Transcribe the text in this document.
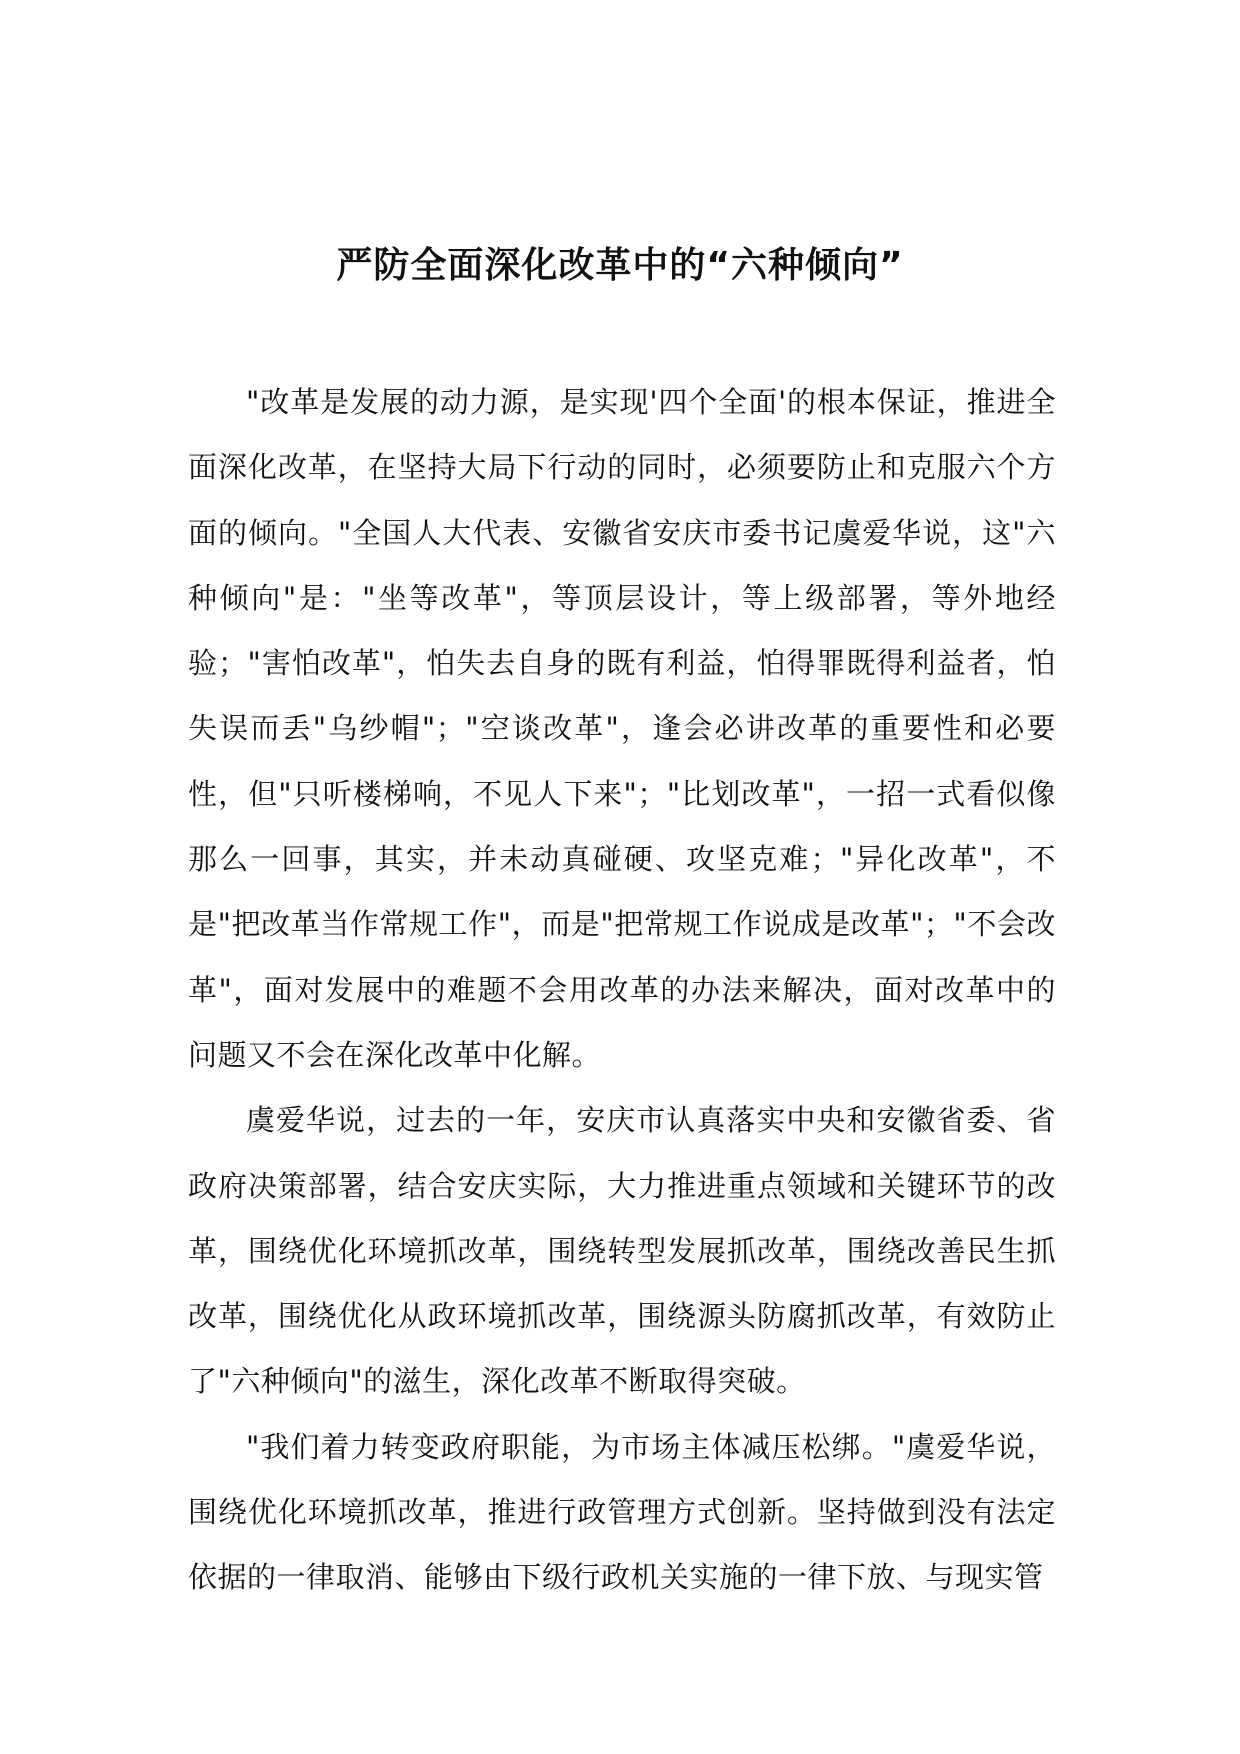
严防全面深化改革中的“六种倾向”

"改革是发展的动力源，是实现'四个全面'的根本保证，推进全面深化改革，在坚持大局下行动的同时，必须要防止和克服六个方面的倾向。"全国人大代表、安徽省安庆市委书记虞爱华说，这"六种倾向"是："坐等改革"，等顶层设计，等上级部署，等外地经验；"害怕改革"，怕失去自身的既有利益，怕得罪既得利益者，怕失误而丢"乌纱帽"；"空谈改革"，逢会必讲改革的重要性和必要性，但"只听楼梯响，不见人下来"；"比划改革"，一招一式看似像那么一回事，其实，并未动真碰硬、攻坚克难；"异化改革"，不是"把改革当作常规工作"，而是"把常规工作说成是改革"；"不会改革"，面对发展中的难题不会用改革的办法来解决，面对改革中的问题又不会在深化改革中化解。

虞爱华说，过去的一年，安庆市认真落实中央和安徽省委、省政府决策部署，结合安庆实际，大力推进重点领域和关键环节的改革，围绕优化环境抓改革，围绕转型发展抓改革，围绕改善民生抓改革，围绕优化从政环境抓改革，围绕源头防腐抓改革，有效防止了"六种倾向"的滋生，深化改革不断取得突破。

"我们着力转变政府职能，为市场主体减压松绑。"虞爱华说，围绕优化环境抓改革，推进行政管理方式创新。坚持做到没有法定依据的一律取消、能够由下级行政机关实施的一律下放、与现实管
